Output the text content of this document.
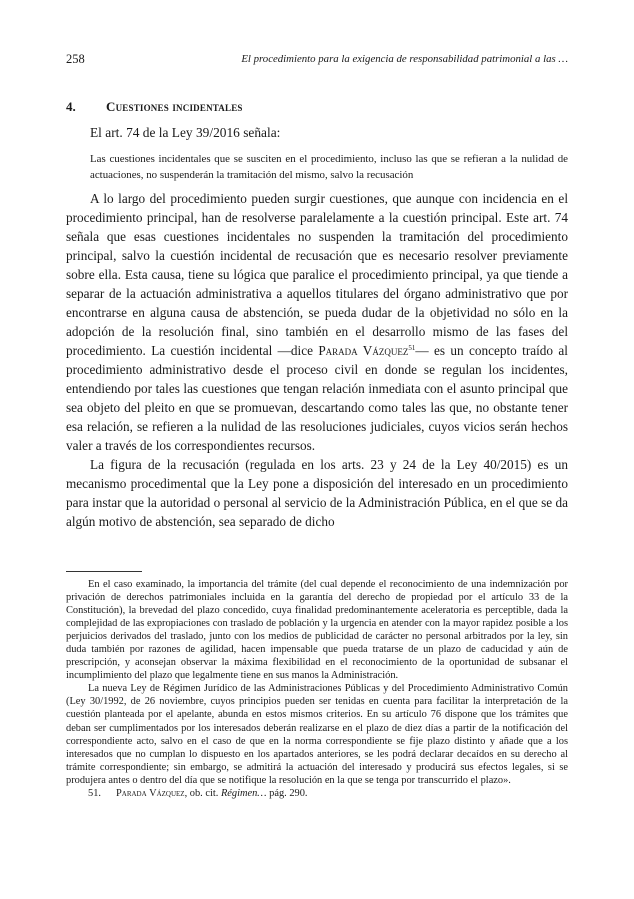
258	El procedimiento para la exigencia de responsabilidad patrimonial a las …
4. Cuestiones incidentales
El art. 74 de la Ley 39/2016 señala:
Las cuestiones incidentales que se susciten en el procedimiento, incluso las que se refieran a la nulidad de actuaciones, no suspenderán la tramitación del mismo, salvo la recusación

A lo largo del procedimiento pueden surgir cuestiones, que aunque con incidencia en el procedimiento principal, han de resolverse paralelamente a la cuestión principal. Este art. 74 señala que esas cuestiones incidentales no suspenden la tramitación del procedimiento principal, salvo la cuestión incidental de recusación que es necesario resolver previamente sobre ella. Esta causa, tiene su lógica que paralice el procedimiento principal, ya que tiende a separar de la actuación administrativa a aquellos titulares del órgano administrativo que por encontrarse en alguna causa de abstención, se pueda dudar de la objetividad no sólo en la adopción de la resolución final, sino también en el desarrollo mismo de las fases del procedimiento. La cuestión incidental —dice Parada Vázquez$^{51}$— es un concepto traído al procedimiento administrativo desde el proceso civil en donde se regulan los incidentes, entendiendo por tales las cuestiones que tengan relación inmediata con el asunto principal que sea objeto del pleito en que se promuevan, descartando como tales las que, no obstante tener esa relación, se refieren a la nulidad de las resoluciones judiciales, cuyos vicios serán hechos valer a través de los correspondientes recursos.

La figura de la recusación (regulada en los arts. 23 y 24 de la Ley 40/2015) es un mecanismo procedimental que la Ley pone a disposición del interesado en un procedimiento para instar que la autoridad o personal al servicio de la Administración Pública, en el que se da algún motivo de abstención, sea separado de dicho

En el caso examinado, la importancia del trámite (del cual depende el reconocimiento de una indemnización por privación de derechos patrimoniales incluida en la garantía del derecho de propiedad por el artículo 33 de la Constitución), la brevedad del plazo concedido, cuya finalidad predominantemente aceleratoria es perceptible, dada la complejidad de las expropiaciones con traslado de población y la urgencia en atender con la mayor rapidez posible a los perjuicios derivados del traslado, junto con los medios de publicidad de carácter no personal arbitrados por la ley, sin duda también por razones de agilidad, hacen impensable que pueda tratarse de un plazo de caducidad y aún de prescripción, y aconsejan observar la máxima flexibilidad en el reconocimiento de la oportunidad de subsanar el incumplimiento del plazo que legalmente tiene en sus manos la Administración.

La nueva Ley de Régimen Jurídico de las Administraciones Públicas y del Procedimiento Administrativo Común (Ley 30/1992, de 26 noviembre, cuyos principios pueden ser tenidas en cuenta para facilitar la interpretación de la cuestión planteada por el apelante, abunda en estos mismos criterios. En su artículo 76 dispone que los trámites que deban ser cumplimentados por los interesados deberán realizarse en el plazo de diez días a partir de la notificación del correspondiente acto, salvo en el caso de que en la norma correspondiente se fije plazo distinto y añade que a los interesados que no cumplan lo dispuesto en los apartados anteriores, se les podrá declarar decaídos en su derecho al trámite correspondiente; sin embargo, se admitirá la actuación del interesado y producirá sus efectos legales, si se produjera antes o dentro del día que se notifique la resolución en la que se tenga por transcurrido el plazo».

51. Parada Vázquez, ob. cit. Régimen… pág. 290.
